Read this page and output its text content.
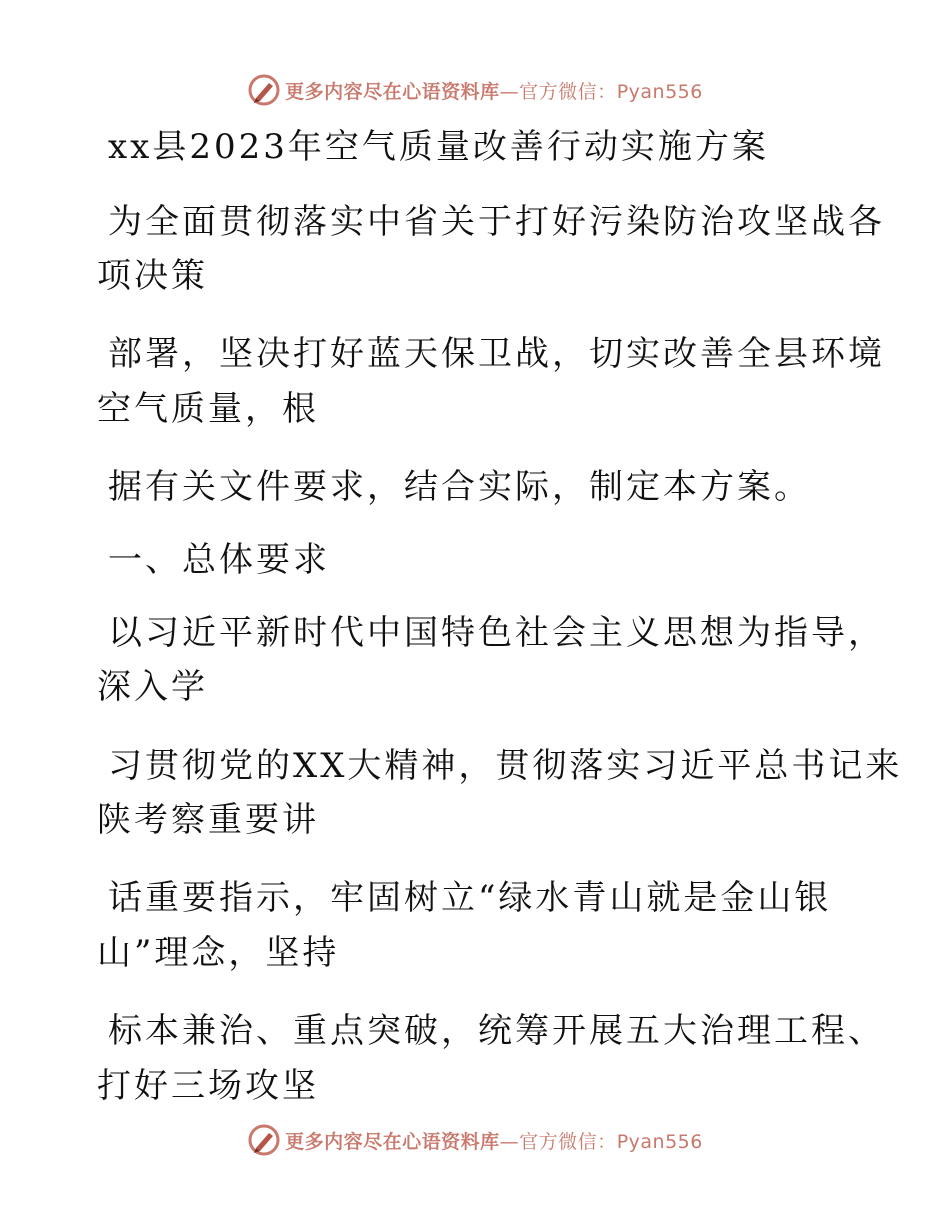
更多内容尽在心语资料库—官方微信：Pyan556
xx县2023年空气质量改善行动实施方案
为全面贯彻落实中省关于打好污染防治攻坚战各
项决策
部署，坚决打好蓝天保卫战，切实改善全县环境
空气质量，根
据有关文件要求，结合实际，制定本方案。
一、总体要求
以习近平新时代中国特色社会主义思想为指导，
深入学
习贯彻党的XX大精神，贯彻落实习近平总书记来
陕考察重要讲
话重要指示，牢固树立“绿水青山就是金山银
山”理念，坚持
标本兼治、重点突破，统筹开展五大治理工程、
打好三场攻坚
更多内容尽在心语资料库—官方微信：Pyan556
